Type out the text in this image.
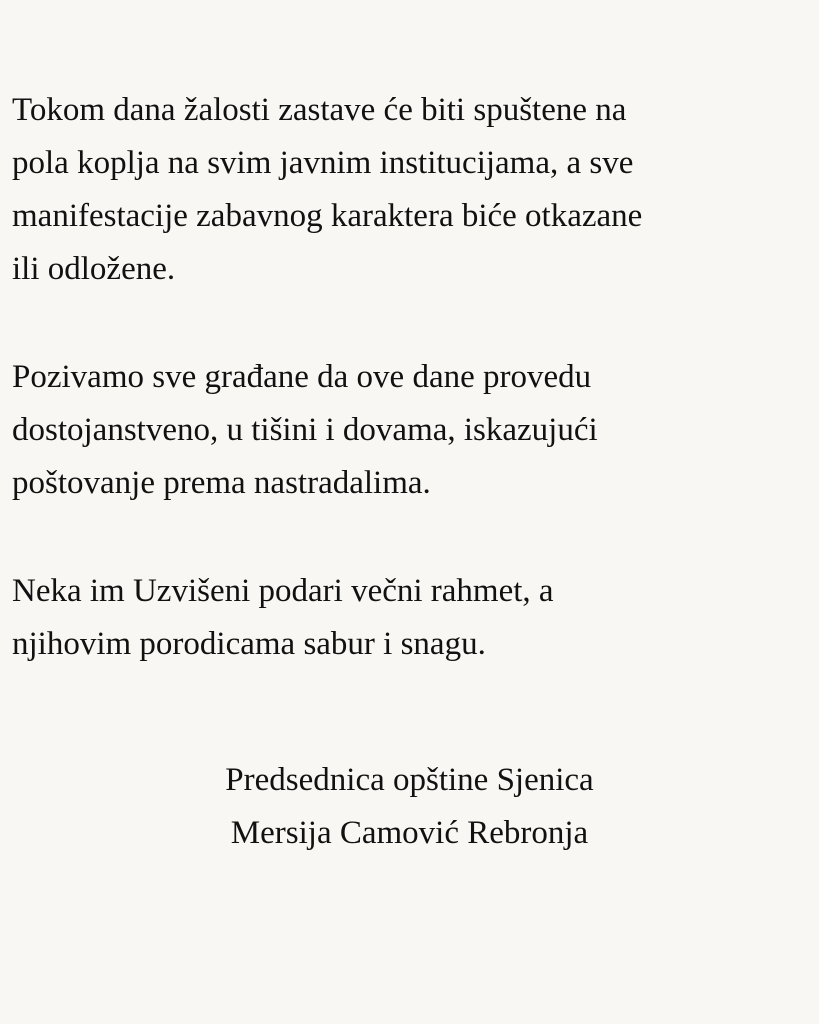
Tokom dana žalosti zastave će biti spuštene na
pola koplja na svim javnim institucijama, a sve
manifestacije zabavnog karaktera biće otkazane
ili odložene.

Pozivamo sve građane da ove dane provedu
dostojanstveno, u tišini i dovama, iskazujući
poštovanje prema nastradalima.

Neka im Uzvišeni podari večni rahmet, a
njihovim porodicama sabur i snagu.

Predsednica opštine Sjenica
Mersija Camović Rebronja
